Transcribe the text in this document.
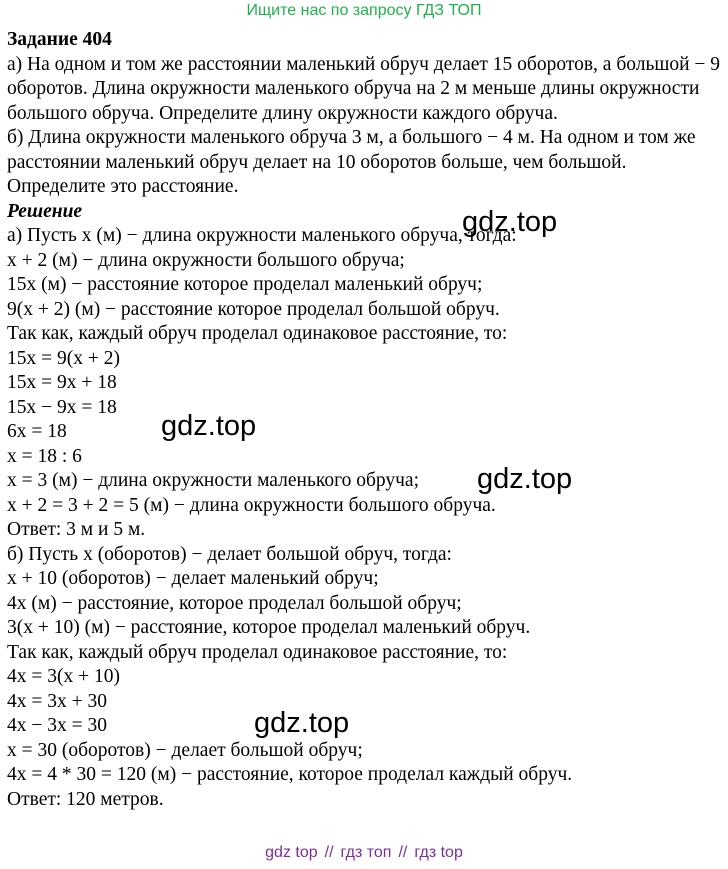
Ищите нас по запросу ГДЗ ТОП
Задание 404
а) На одном и том же расстоянии маленький обруч делает 15 оборотов, а большой − 9 оборотов. Длина окружности маленького обруча на 2 м меньше длины окружности большого обруча. Определите длину окружности каждого обруча.
б) Длина окружности маленького обруча 3 м, а большого − 4 м. На одном и том же расстоянии маленький обруч делает на 10 оборотов больше, чем большой. Определите это расстояние.
Решение
а) Пусть x (м) − длина окружности маленького обруча, тогда:
x + 2 (м) − длина окружности большого обруча;
15x (м) − расстояние которое проделал маленький обруч;
9(x + 2) (м) − расстояние которое проделал большой обруч.
Так как, каждый обруч проделал одинаковое расстояние, то:
15x = 9(x + 2)
15x = 9x + 18
15x − 9x = 18
6x = 18
x = 18 : 6
x = 3 (м) − длина окружности маленького обруча;
x + 2 = 3 + 2 = 5 (м) − длина окружности большого обруча.
Ответ: 3 м и 5 м.
б) Пусть x (оборотов) − делает большой обруч, тогда:
x + 10 (оборотов) − делает маленький обруч;
4x (м) − расстояние, которое проделал большой обруч;
3(x + 10) (м) − расстояние, которое проделал маленький обруч.
Так как, каждый обруч проделал одинаковое расстояние, то:
4x = 3(x + 10)
4x = 3x + 30
4x − 3x = 30
x = 30 (оборотов) − делает большой обруч;
4x = 4 * 30 = 120 (м) − расстояние, которое проделал каждый обруч.
Ответ: 120 метров.
gdz.top
gdz.top
gdz.top
gdz.top
gdz top // гдз топ // гдз top
